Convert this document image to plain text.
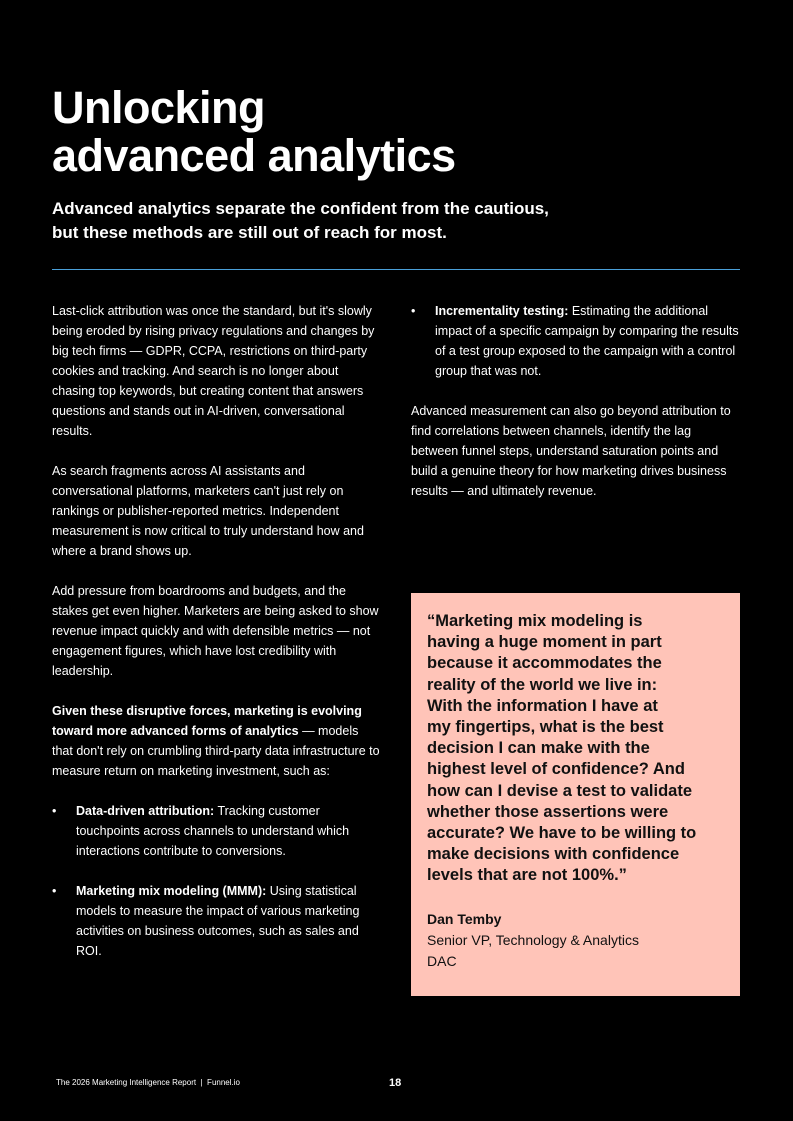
Unlocking
advanced analytics

Advanced analytics separate the confident from the cautious,
but these methods are still out of reach for most.

Last-click attribution was once the standard, but it's slowly being eroded by rising privacy regulations and changes by big tech firms — GDPR, CCPA, restrictions on third-party cookies and tracking. And search is no longer about chasing top keywords, but creating content that answers questions and stands out in AI-driven, conversational results.

As search fragments across AI assistants and conversational platforms, marketers can't just rely on rankings or publisher-reported metrics. Independent measurement is now critical to truly understand how and where a brand shows up.

Add pressure from boardrooms and budgets, and the stakes get even higher. Marketers are being asked to show revenue impact quickly and with defensible metrics — not engagement figures, which have lost credibility with leadership.

Given these disruptive forces, marketing is evolving toward more advanced forms of analytics — models that don't rely on crumbling third-party data infrastructure to measure return on marketing investment, such as:

• Data-driven attribution: Tracking customer touchpoints across channels to understand which interactions contribute to conversions.
• Marketing mix modeling (MMM): Using statistical models to measure the impact of various marketing activities on business outcomes, such as sales and ROI.
• Incrementality testing: Estimating the additional impact of a specific campaign by comparing the results of a test group exposed to the campaign with a control group that was not.

Advanced measurement can also go beyond attribution to find correlations between channels, identify the lag between funnel steps, understand saturation points and build a genuine theory for how marketing drives business results — and ultimately revenue.

“Marketing mix modeling is
having a huge moment in part
because it accommodates the
reality of the world we live in:
With the information I have at
my fingertips, what is the best
decision I can make with the
highest level of confidence? And
how can I devise a test to validate
whether those assertions were
accurate? We have to be willing to
make decisions with confidence
levels that are not 100%.”

Dan Temby

Senior VP, Technology & Analytics

DAC

The 2026 Marketing Intelligence Report  |  Funnel.io	18
